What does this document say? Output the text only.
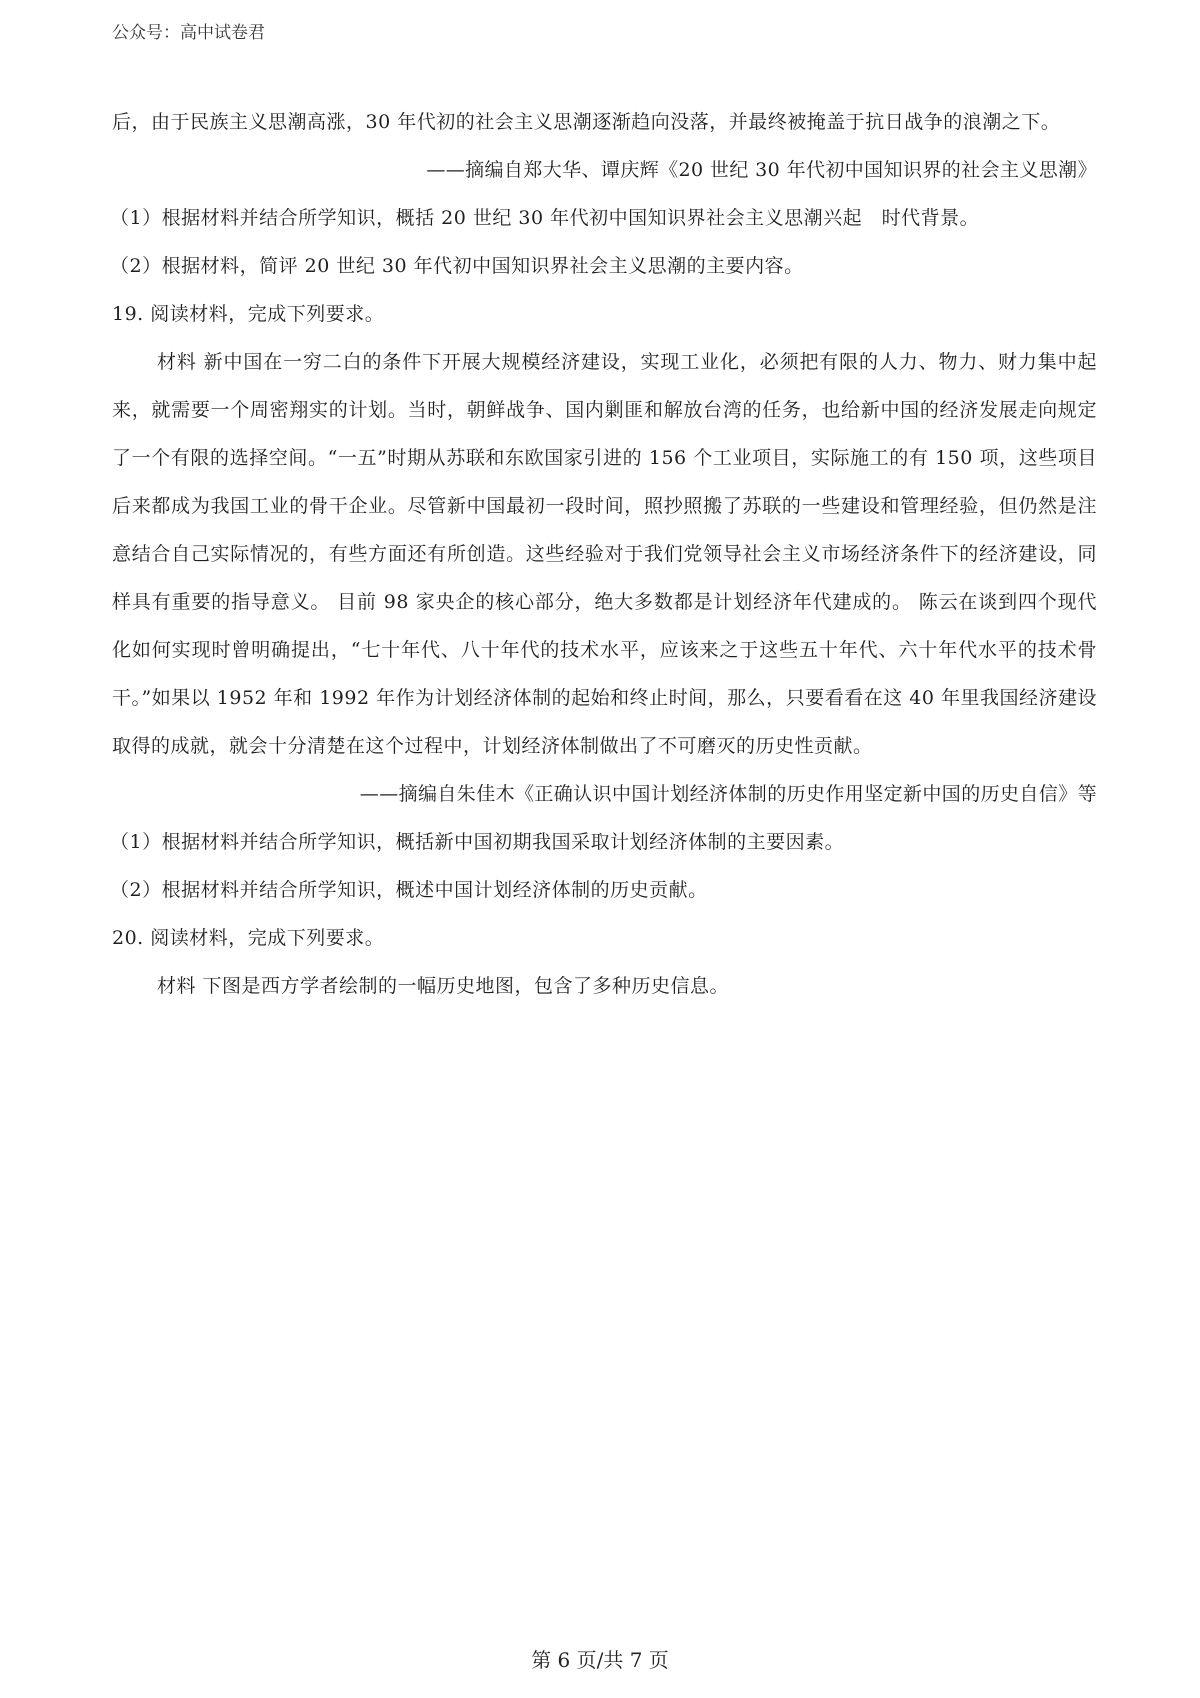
公众号：高中试卷君

后，由于民族主义思潮高涨，30 年代初的社会主义思潮逐渐趋向没落，并最终被掩盖于抗日战争的浪潮之下。

——摘编自郑大华、谭庆辉《20 世纪 30 年代初中国知识界的社会主义思潮》

（1）根据材料并结合所学知识，概括 20 世纪 30 年代初中国知识界社会主义思潮兴起　时代背景。

（2）根据材料，简评 20 世纪 30 年代初中国知识界社会主义思潮的主要内容。

19. 阅读材料，完成下列要求。

材料 新中国在一穷二白的条件下开展大规模经济建设，实现工业化，必须把有限的人力、物力、财力集中起来，就需要一个周密翔实的计划。当时，朝鲜战争、国内剿匪和解放台湾的任务，也给新中国的经济发展走向规定了一个有限的选择空间。“一五”时期从苏联和东欧国家引进的 156 个工业项目，实际施工的有 150 项，这些项目后来都成为我国工业的骨干企业。尽管新中国最初一段时间，照抄照搬了苏联的一些建设和管理经验，但仍然是注意结合自己实际情况的，有些方面还有所创造。这些经验对于我们党领导社会主义市场经济条件下的经济建设，同样具有重要的指导意义。 目前 98 家央企的核心部分，绝大多数都是计划经济年代建成的。 陈云在谈到四个现代化如何实现时曾明确提出，“七十年代、八十年代的技术水平，应该来之于这些五十年代、六十年代水平的技术骨干。”如果以 1952 年和 1992 年作为计划经济体制的起始和终止时间，那么，只要看看在这 40 年里我国经济建设取得的成就，就会十分清楚在这个过程中，计划经济体制做出了不可磨灭的历史性贡献。

——摘编自朱佳木《正确认识中国计划经济体制的历史作用坚定新中国的历史自信》等

（1）根据材料并结合所学知识，概括新中国初期我国采取计划经济体制的主要因素。

（2）根据材料并结合所学知识，概述中国计划经济体制的历史贡献。

20. 阅读材料，完成下列要求。

材料 下图是西方学者绘制的一幅历史地图，包含了多种历史信息。

第 6 页/共 7 页
